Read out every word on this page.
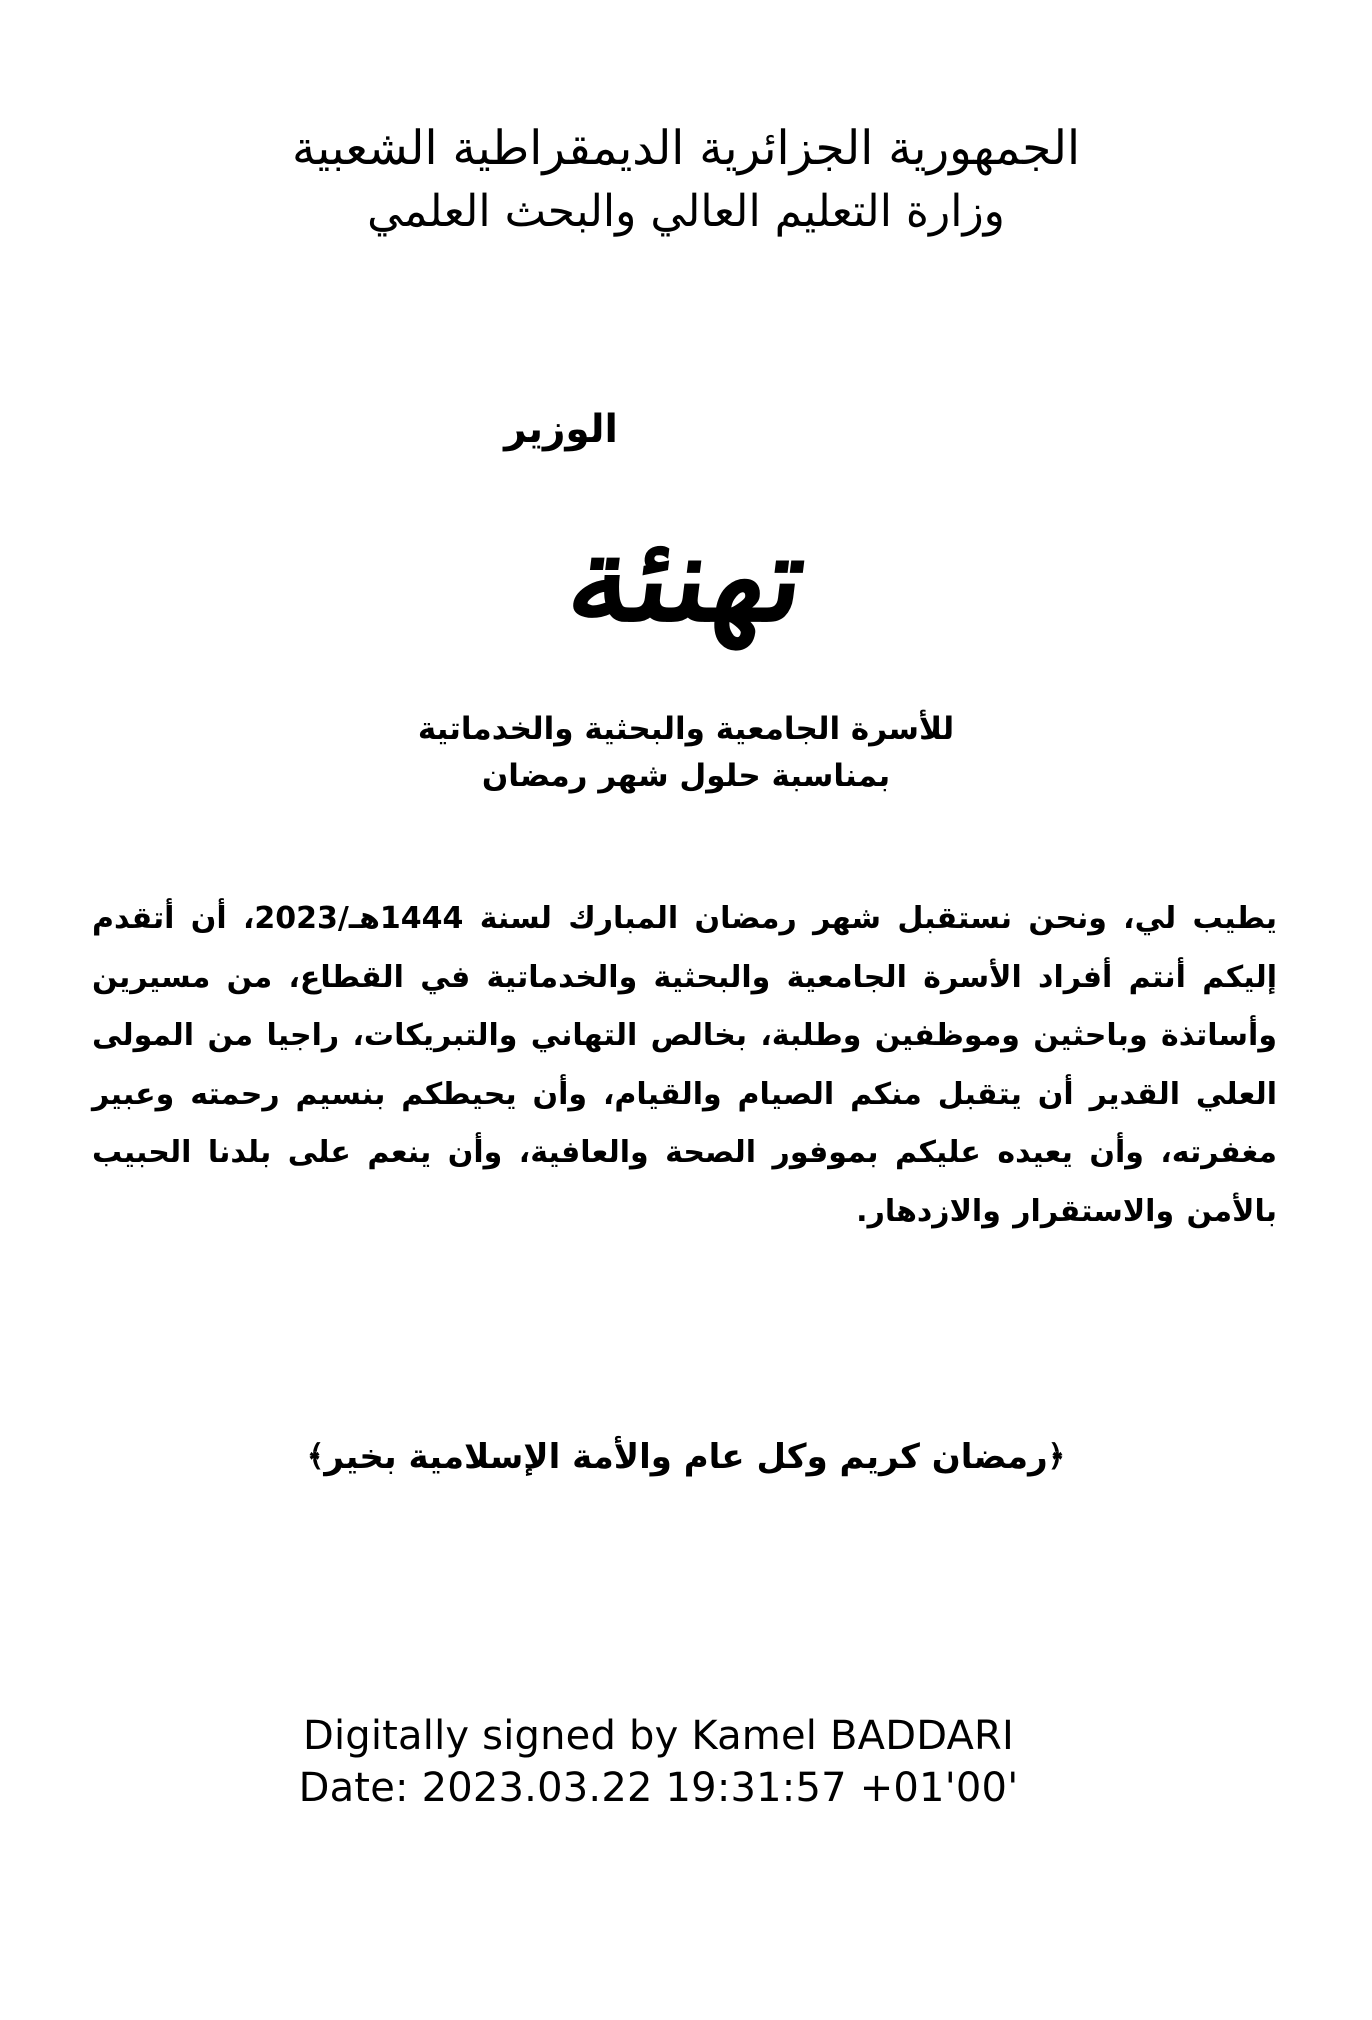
الجمهورية الجزائرية الديمقراطية الشعبية
وزارة التعليم العالي والبحث العلمي
الوزير
تهنئة
للأسرة الجامعية والبحثية والخدماتية
بمناسبة حلول شهر رمضان
يطيب لي، ونحن نستقبل شهر رمضان المبارك لسنة 1444هـ/2023، أن أتقدم إليكم أنتم أفراد الأسرة الجامعية والبحثية والخدماتية في القطاع، من مسيرين وأساتذة وباحثين وموظفين وطلبة، بخالص التهاني والتبريكات، راجيا من المولى العلي القدير أن يتقبل منكم الصيام والقيام، وأن يحيطكم بنسيم رحمته وعبير مغفرته، وأن يعيده عليكم بموفور الصحة والعافية، وأن ينعم على بلدنا الحبيب بالأمن والاستقرار والازدهار.
﴿رمضان كريم وكل عام والأمة الإسلامية بخير﴾
Digitally signed by Kamel BADDARI
Date: 2023.03.22 19:31:57 +01'00'
